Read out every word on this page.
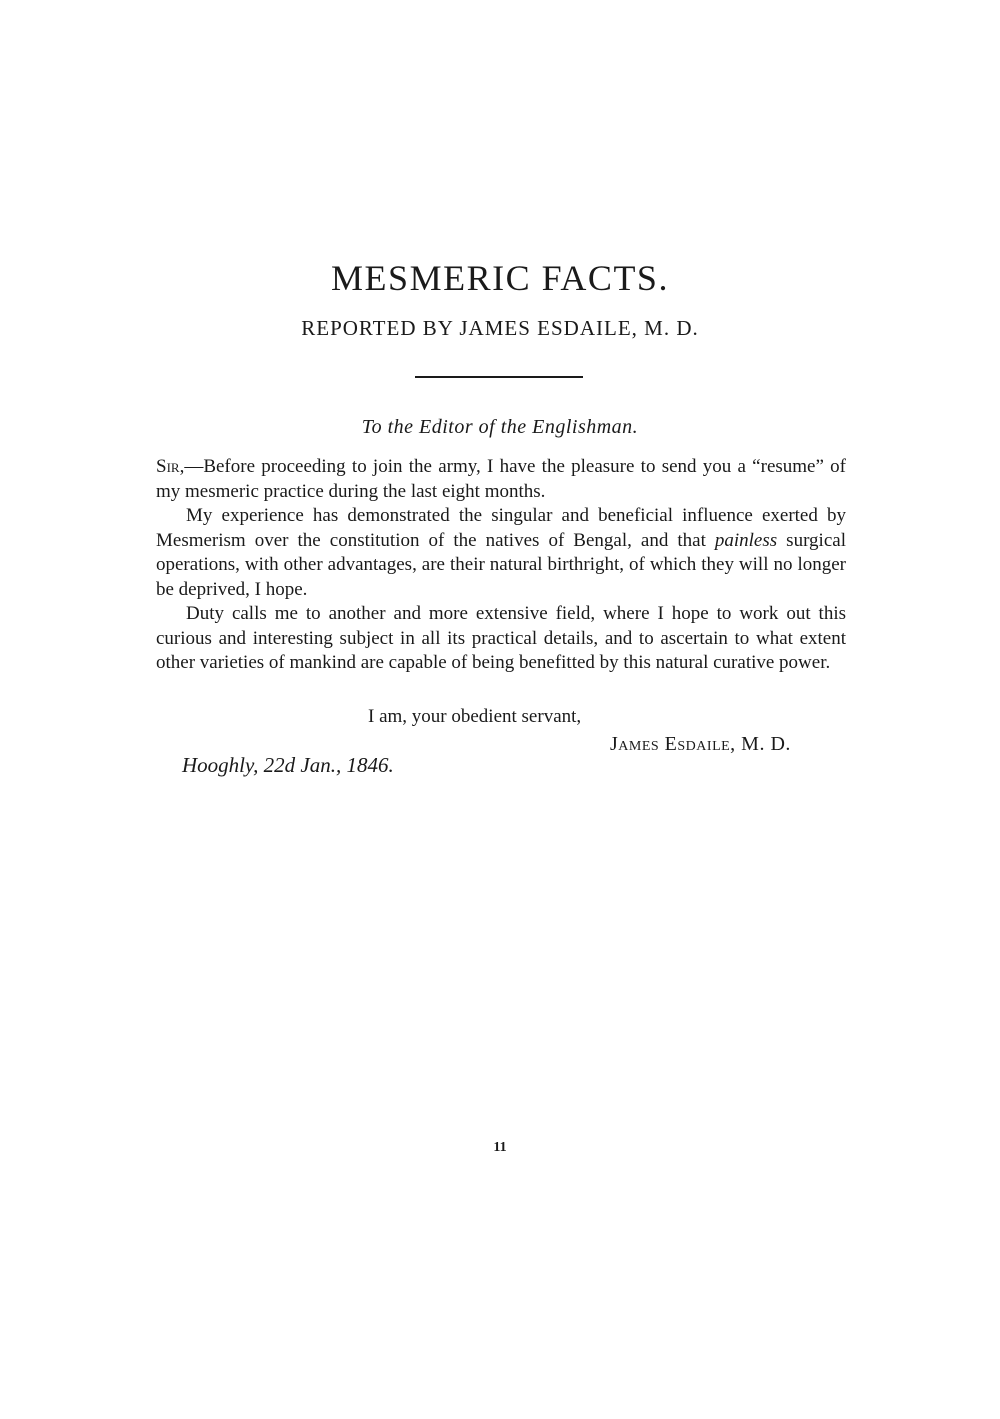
MESMERIC FACTS.
REPORTED BY JAMES ESDAILE, M. D.
To the Editor of the Englishman.

Sir,—Before proceeding to join the army, I have the pleasure to send you a “resume” of my mesmeric practice during the last eight months.

My experience has demonstrated the singular and beneficial influence exerted by Mesmerism over the constitution of the natives of Bengal, and that painless surgical operations, with other advantages, are their natural birthright, of which they will no longer be deprived, I hope.

Duty calls me to another and more extensive field, where I hope to work out this curious and interesting subject in all its practical details, and to ascertain to what extent other varieties of mankind are capable of being benefitted by this natural curative power.

I am, your obedient servant,
James Esdaile, M. D.
Hooghly, 22d Jan., 1846.
11
